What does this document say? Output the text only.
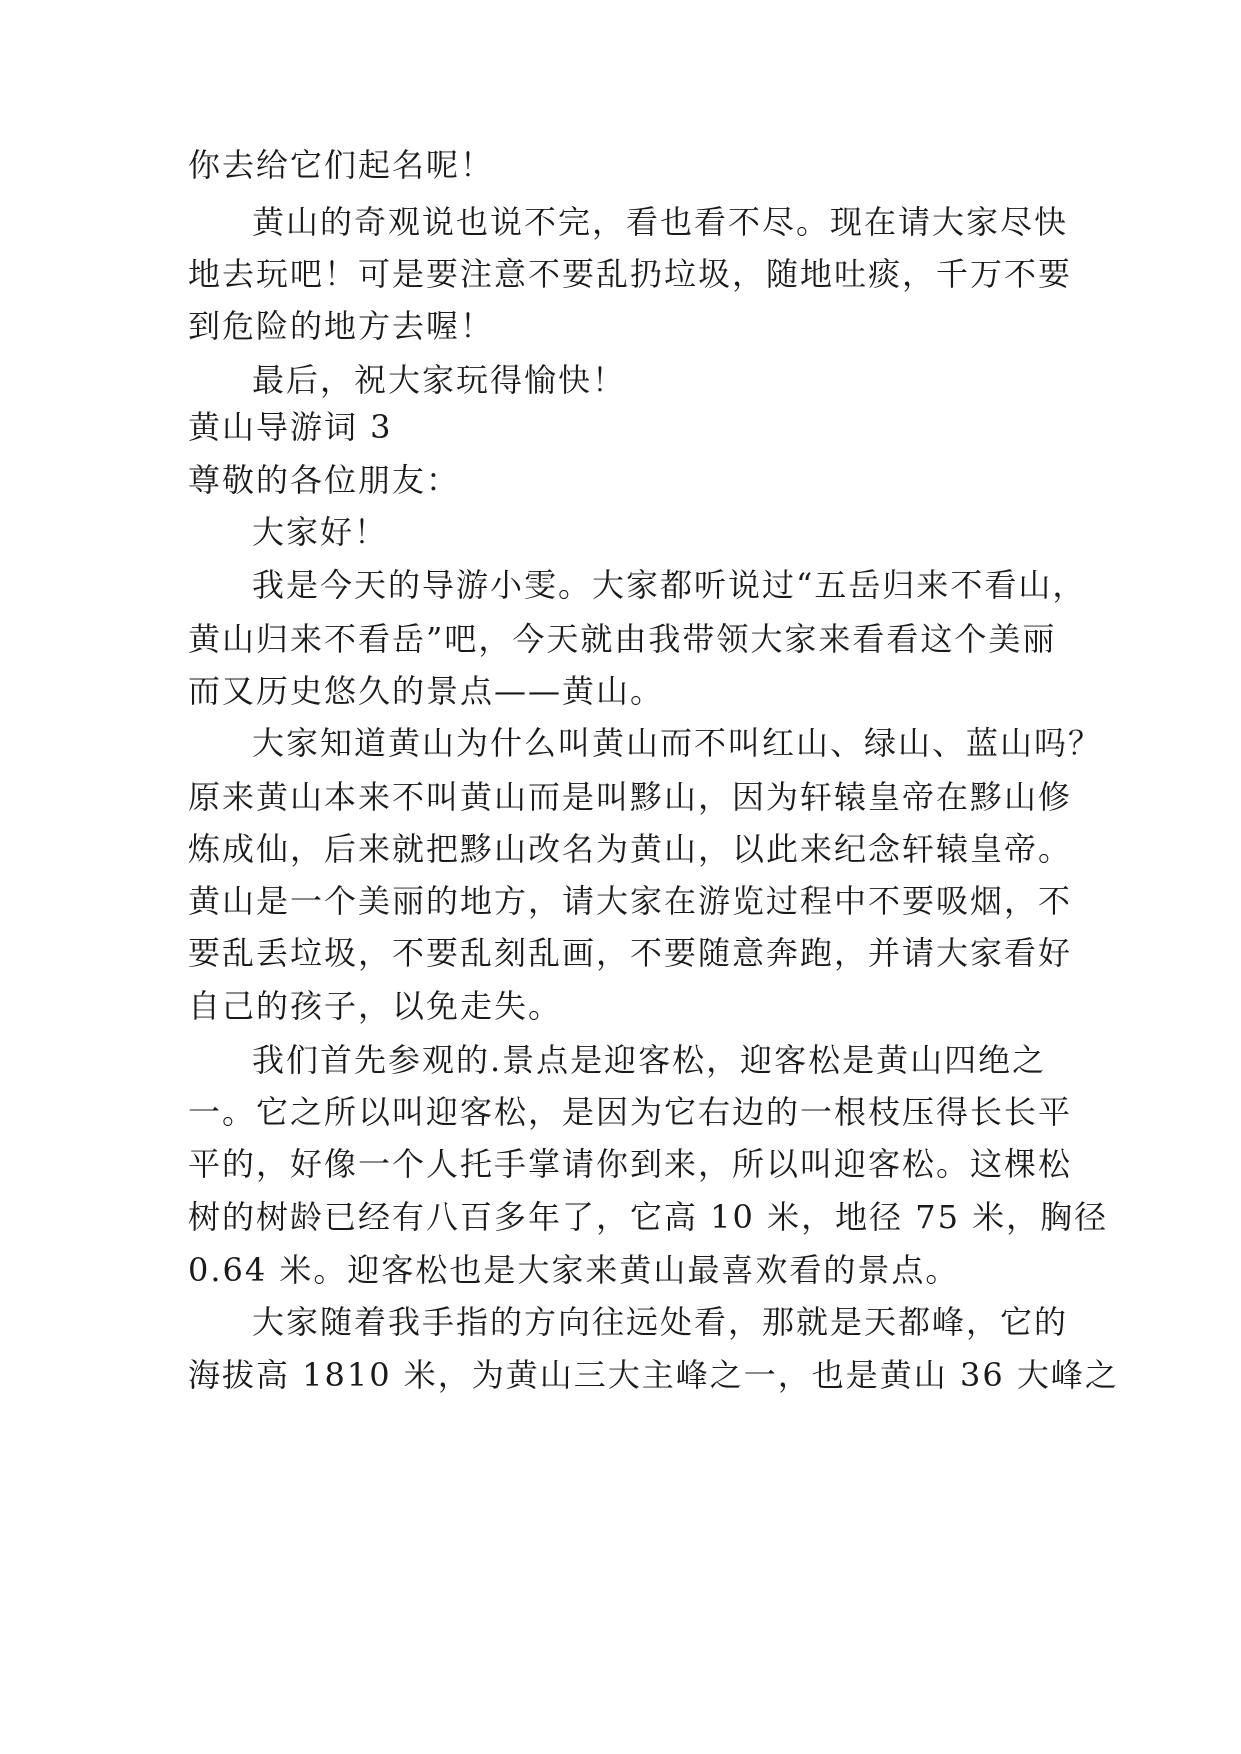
你去给它们起名呢！
黄山的奇观说也说不完，看也看不尽。现在请大家尽快
地去玩吧！可是要注意不要乱扔垃圾，随地吐痰，千万不要
到危险的地方去喔！
最后，祝大家玩得愉快！
黄山导游词 3
尊敬的各位朋友：
大家好！
我是今天的导游小雯。大家都听说过“五岳归来不看山，
黄山归来不看岳”吧，今天就由我带领大家来看看这个美丽
而又历史悠久的景点——黄山。
大家知道黄山为什么叫黄山而不叫红山、绿山、蓝山吗？
原来黄山本来不叫黄山而是叫黟山，因为轩辕皇帝在黟山修
炼成仙，后来就把黟山改名为黄山，以此来纪念轩辕皇帝。
黄山是一个美丽的地方，请大家在游览过程中不要吸烟，不
要乱丢垃圾，不要乱刻乱画，不要随意奔跑，并请大家看好
自己的孩子，以免走失。
我们首先参观的.景点是迎客松，迎客松是黄山四绝之
一。它之所以叫迎客松，是因为它右边的一根枝压得长长平
平的，好像一个人托手掌请你到来，所以叫迎客松。这棵松
树的树龄已经有八百多年了，它高 10 米，地径 75 米，胸径
0.64 米。迎客松也是大家来黄山最喜欢看的景点。
大家随着我手指的方向往远处看，那就是天都峰，它的
海拔高 1810 米，为黄山三大主峰之一，也是黄山 36 大峰之
